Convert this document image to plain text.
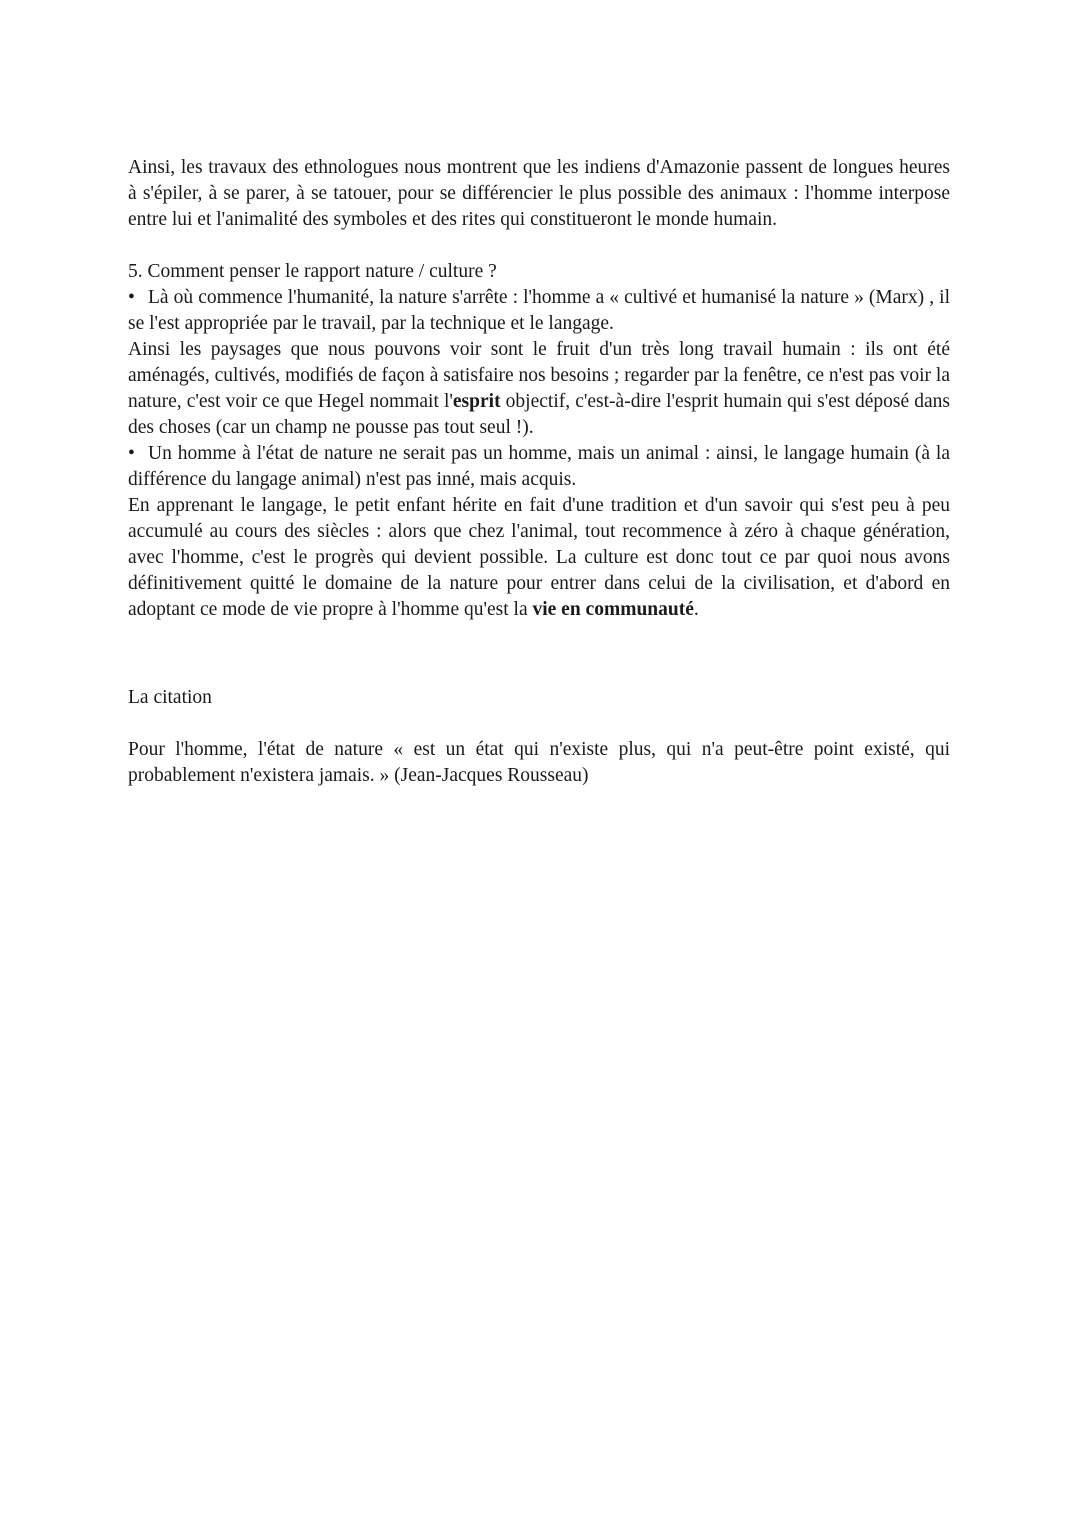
Ainsi, les travaux des ethnologues nous montrent que les indiens d'Amazonie passent de longues heures à s'épiler, à se parer, à se tatouer, pour se différencier le plus possible des animaux : l'homme interpose entre lui et l'animalité des symboles et des rites qui constitueront le monde humain.

5. Comment penser le rapport nature / culture ?

• Là où commence l'humanité, la nature s'arrête : l'homme a « cultivé et humanisé la nature » (Marx) , il se l'est appropriée par le travail, par la technique et le langage.

Ainsi les paysages que nous pouvons voir sont le fruit d'un très long travail humain : ils ont été aménagés, cultivés, modifiés de façon à satisfaire nos besoins ; regarder par la fenêtre, ce n'est pas voir la nature, c'est voir ce que Hegel nommait l'esprit objectif, c'est-à-dire l'esprit humain qui s'est déposé dans des choses (car un champ ne pousse pas tout seul !).

• Un homme à l'état de nature ne serait pas un homme, mais un animal : ainsi, le langage humain (à la différence du langage animal) n'est pas inné, mais acquis.

En apprenant le langage, le petit enfant hérite en fait d'une tradition et d'un savoir qui s'est peu à peu accumulé au cours des siècles : alors que chez l'animal, tout recommence à zéro à chaque génération, avec l'homme, c'est le progrès qui devient possible. La culture est donc tout ce par quoi nous avons définitivement quitté le domaine de la nature pour entrer dans celui de la civilisation, et d'abord en adoptant ce mode de vie propre à l'homme qu'est la vie en communauté.

La citation

Pour l'homme, l'état de nature « est un état qui n'existe plus, qui n'a peut-être point existé, qui probablement n'existera jamais. » (Jean-Jacques Rousseau)
